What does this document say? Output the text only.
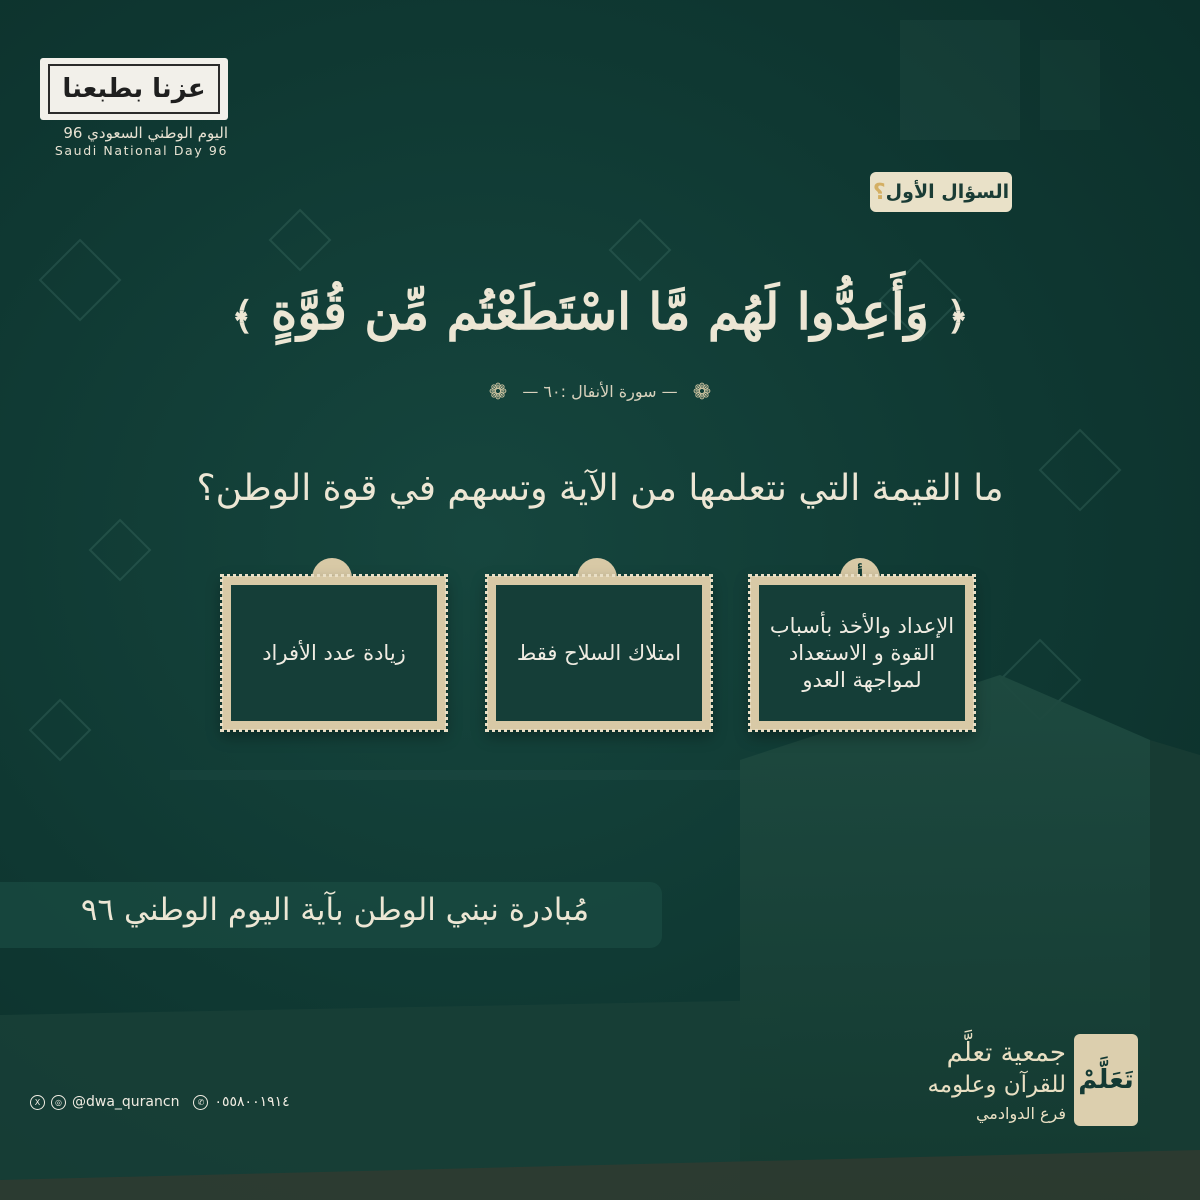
عزنا بطبعنا
اليوم الوطني السعودي 96
Saudi National Day 96
السؤال الأول
؟
﴿ وَأَعِدُّوا لَهُم مَّا اسْتَطَعْتُم مِّن قُوَّةٍ ﴾
❁ — سورة الأنفال :٦٠ — ❁
ما القيمة التي نتعلمها من الآية وتسهم في قوة الوطن؟
الإعداد والأخذ بأسباب القوة و الاستعداد لمواجهة العدو
امتلاك السلاح فقط
زيادة عدد الأفراد
مُبادرة نبني الوطن بآية اليوم الوطني ٩٦
X	◎ @dwa_qurancn	✆ ٠٥٥٨٠٠١٩١٤
جمعية تعلَّم
للقرآن وعلومه
فرع الدوادمي
تَعَلَّمْ
